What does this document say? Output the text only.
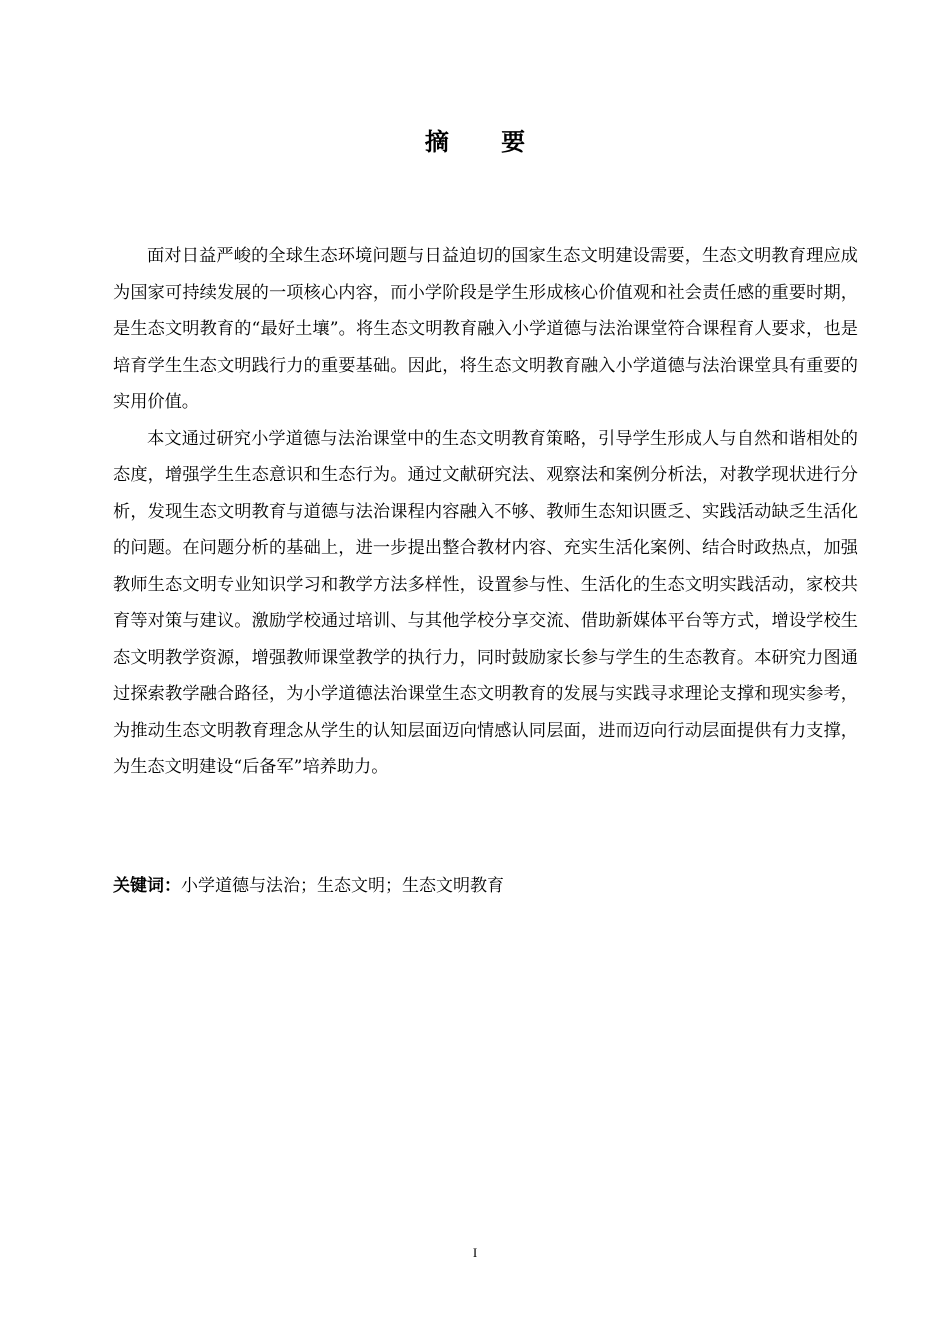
摘 要

面对日益严峻的全球生态环境问题与日益迫切的国家生态文明建设需要，生态文明教育理应成为国家可持续发展的一项核心内容，而小学阶段是学生形成核心价值观和社会责任感的重要时期，是生态文明教育的“最好土壤”。将生态文明教育融入小学道德与法治课堂符合课程育人要求，也是培育学生生态文明践行力的重要基础。因此，将生态文明教育融入小学道德与法治课堂具有重要的实用价值。

本文通过研究小学道德与法治课堂中的生态文明教育策略，引导学生形成人与自然和谐相处的态度，增强学生生态意识和生态行为。通过文献研究法、观察法和案例分析法，对教学现状进行分析，发现生态文明教育与道德与法治课程内容融入不够、教师生态知识匮乏、实践活动缺乏生活化的问题。在问题分析的基础上，进一步提出整合教材内容、充实生活化案例、结合时政热点，加强教师生态文明专业知识学习和教学方法多样性，设置参与性、生活化的生态文明实践活动，家校共育等对策与建议。激励学校通过培训、与其他学校分享交流、借助新媒体平台等方式，增设学校生态文明教学资源，增强教师课堂教学的执行力，同时鼓励家长参与学生的生态教育。本研究力图通过探索教学融合路径，为小学道德法治课堂生态文明教育的发展与实践寻求理论支撑和现实参考，为推动生态文明教育理念从学生的认知层面迈向情感认同层面，进而迈向行动层面提供有力支撑，为生态文明建设“后备军”培养助力。

关键词：小学道德与法治；生态文明；生态文明教育
I
